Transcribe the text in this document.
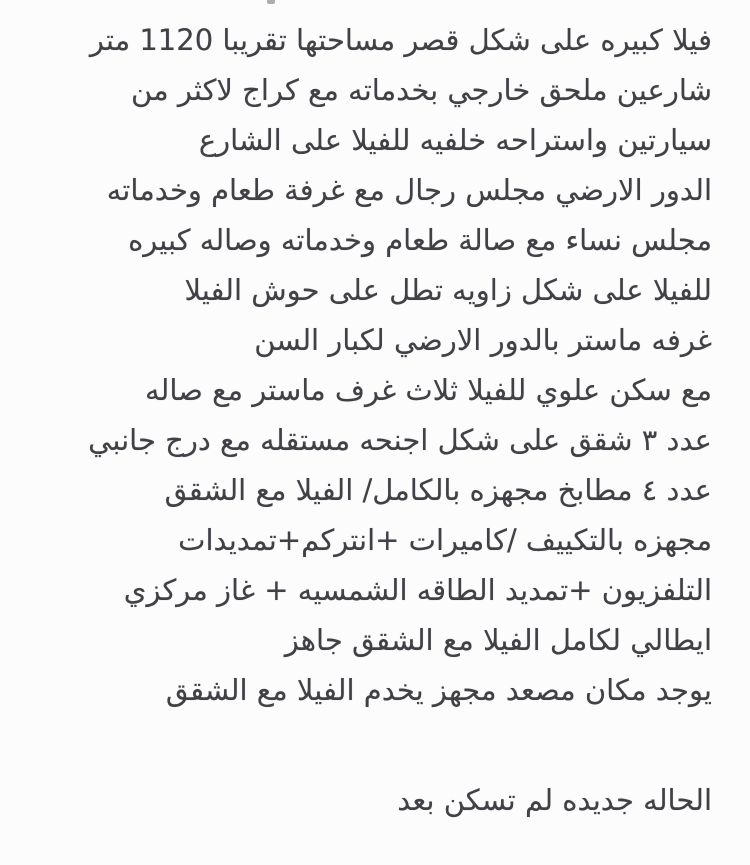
فيلا كبيره على شكل قصر مساحتها تقريبا 1120 متر
شارعين ملحق خارجي بخدماته مع كراج لاكثر من
سيارتين واستراحه خلفيه للفيلا على الشارع
الدور الارضي مجلس رجال مع غرفة طعام وخدماته
مجلس نساء مع صالة طعام وخدماته وصاله كبيره
للفيلا على شكل زاويه تطل على حوش الفيلا
غرفه ماستر بالدور الارضي لكبار السن
مع سكن علوي للفيلا ثلاث غرف ماستر مع صاله
عدد ٣ شقق على شكل اجنحه مستقله مع درج جانبي
عدد ٤ مطابخ مجهزه بالكامل/ الفيلا مع الشقق
مجهزه بالتكييف /كاميرات +انتركم+تمديدات
التلفزيون +تمديد الطاقه الشمسيه + غاز مركزي
ايطالي لكامل الفيلا مع الشقق جاهز
يوجد مكان مصعد مجهز يخدم الفيلا مع الشقق
الحاله جديده لم تسكن بعد
